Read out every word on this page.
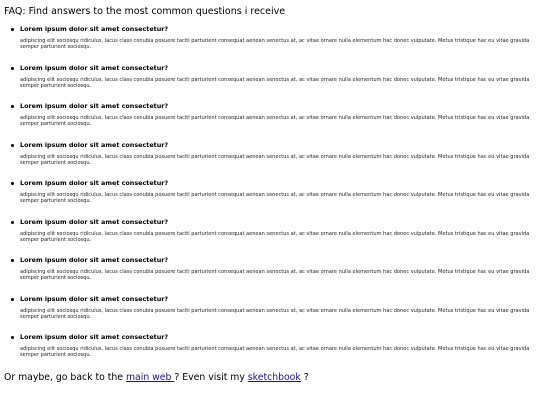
FAQ: Find answers to the most common questions i receive

Lorem ipsum dolor sit amet consectetur?

adipiscing elit sociosqu ridiculus, lacus class conubia posuere taciti parturient consequat aenean senectus at, ac vitae ornare nulla elementum hac donec vulputate. Metus tristique hac eu vitae gravida semper parturient sociosqu.

Lorem ipsum dolor sit amet consectetur?

adipiscing elit sociosqu ridiculus, lacus class conubia posuere taciti parturient consequat aenean senectus at, ac vitae ornare nulla elementum hac donec vulputate. Metus tristique hac eu vitae gravida semper parturient sociosqu.

Lorem ipsum dolor sit amet consectetur?

adipiscing elit sociosqu ridiculus, lacus class conubia posuere taciti parturient consequat aenean senectus at, ac vitae ornare nulla elementum hac donec vulputate. Metus tristique hac eu vitae gravida semper parturient sociosqu.

Lorem ipsum dolor sit amet consectetur?

adipiscing elit sociosqu ridiculus, lacus class conubia posuere taciti parturient consequat aenean senectus at, ac vitae ornare nulla elementum hac donec vulputate. Metus tristique hac eu vitae gravida semper parturient sociosqu.

Lorem ipsum dolor sit amet consectetur?

adipiscing elit sociosqu ridiculus, lacus class conubia posuere taciti parturient consequat aenean senectus at, ac vitae ornare nulla elementum hac donec vulputate. Metus tristique hac eu vitae gravida semper parturient sociosqu.

Lorem ipsum dolor sit amet consectetur?

adipiscing elit sociosqu ridiculus, lacus class conubia posuere taciti parturient consequat aenean senectus at, ac vitae ornare nulla elementum hac donec vulputate. Metus tristique hac eu vitae gravida semper parturient sociosqu.

Lorem ipsum dolor sit amet consectetur?

adipiscing elit sociosqu ridiculus, lacus class conubia posuere taciti parturient consequat aenean senectus at, ac vitae ornare nulla elementum hac donec vulputate. Metus tristique hac eu vitae gravida semper parturient sociosqu.

Lorem ipsum dolor sit amet consectetur?

adipiscing elit sociosqu ridiculus, lacus class conubia posuere taciti parturient consequat aenean senectus at, ac vitae ornare nulla elementum hac donec vulputate. Metus tristique hac eu vitae gravida semper parturient sociosqu.

Lorem ipsum dolor sit amet consectetur?

adipiscing elit sociosqu ridiculus, lacus class conubia posuere taciti parturient consequat aenean senectus at, ac vitae ornare nulla elementum hac donec vulputate. Metus tristique hac eu vitae gravida semper parturient sociosqu.

Or maybe, go back to the main web ? Even visit my sketchbook ?
